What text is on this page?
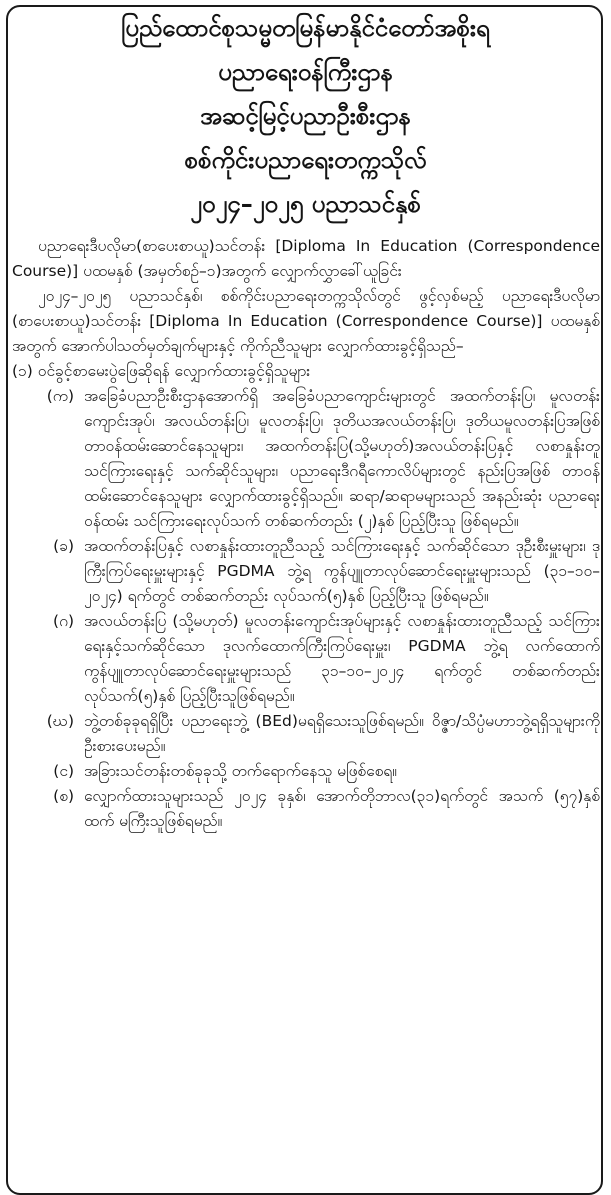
ပြည်ထောင်စုသမ္မတမြန်မာနိုင်ငံတော်အစိုးရ
ပညာရေးဝန်ကြီးဌာန
အဆင့်မြင့်ပညာဦးစီးဌာန
စစ်ကိုင်းပညာရေးတက္ကသိုလ်
၂၀၂၄–၂၀၂၅ ပညာသင်နှစ်

ပညာရေးဒီပလိုမာ(စာပေးစာယူ)သင်တန်း [Diploma In Education (Correspondence Course)] ပထမနှစ် (အမှတ်စဉ်–၁)အတွက် လျှောက်လွှာခေါ်ယူခြင်း

၂၀၂၄–၂၀၂၅ ပညာသင်နှစ်၊ စစ်ကိုင်းပညာရေးတက္ကသိုလ်တွင် ဖွင့်လှစ်မည့် ပညာရေးဒီပလိုမာ (စာပေးစာယူ)သင်တန်း [Diploma In Education (Correspondence Course)] ပထမနှစ်အတွက် အောက်ပါသတ်မှတ်ချက်များနှင့် ကိုက်ညီသူများ လျှောက်ထားခွင့်ရှိသည်–

(၁) ဝင်ခွင့်စာမေးပွဲဖြေဆိုရန် လျှောက်ထားခွင့်ရှိသူများ
(က) အခြေခံပညာဦးစီးဌာနအောက်ရှိ အခြေခံပညာကျောင်းများတွင် အထက်တန်းပြ၊ မူလတန်း ကျောင်းအုပ်၊ အလယ်တန်းပြ၊ မူလတန်းပြ၊ ဒုတိယအလယ်တန်းပြ၊ ဒုတိယမူလတန်းပြအဖြစ် တာဝန်ထမ်းဆောင်နေသူများ၊ အထက်တန်းပြ(သို့မဟုတ်)အလယ်တန်းပြနှင့် လစာနှုန်းတူသင်ကြားရေးနှင့် သက်ဆိုင်သူများ၊ ပညာရေးဒီဂရီကောလိပ်များတွင် နည်းပြအဖြစ် တာဝန်ထမ်းဆောင်နေသူများ လျှောက်ထားခွင့်ရှိသည်။ ဆရာ/ဆရာမများသည် အနည်းဆုံး ပညာရေးဝန်ထမ်း သင်ကြားရေးလုပ်သက် တစ်ဆက်တည်း (၂)နှစ် ပြည့်ပြီးသူ ဖြစ်ရမည်။
(ခ) အထက်တန်းပြနှင့် လစာနှုန်းထားတူညီသည့် သင်ကြားရေးနှင့် သက်ဆိုင်သော ဒုဦးစီးမှူးများ၊ ဒုကြီးကြပ်ရေးမှူးများနှင့် PGDMA ဘွဲ့ရ ကွန်ပျူတာလုပ်ဆောင်ရေးမှူးများသည် (၃၁–၁၀–၂၀၂၄) ရက်တွင် တစ်ဆက်တည်း လုပ်သက်(၅)နှစ် ပြည့်ပြီးသူ ဖြစ်ရမည်။
(ဂ) အလယ်တန်းပြ (သို့မဟုတ်) မူလတန်းကျောင်းအုပ်များနှင့် လစာနှုန်းထားတူညီသည့် သင်ကြားရေးနှင့်သက်ဆိုင်သော ဒုလက်ထောက်ကြီးကြပ်ရေးမှူး၊ PGDMA ဘွဲ့ရ လက်ထောက်ကွန်ပျူတာလုပ်ဆောင်ရေးမှူးများသည် ၃၁–၁၀–၂၀၂၄ ရက်တွင် တစ်ဆက်တည်း လုပ်သက်(၅)နှစ် ပြည့်ပြီးသူဖြစ်ရမည်။
(ဃ) ဘွဲ့တစ်ခုခုရရှိပြီး ပညာရေးဘွဲ့ (BEd)မရရှိသေးသူဖြစ်ရမည်။ ဝိဇ္ဇာ/သိပ္ပံမဟာဘွဲ့ရရှိသူများကို ဦးစားပေးမည်။
(င) အခြားသင်တန်းတစ်ခုခုသို့ တက်ရောက်နေသူ မဖြစ်စေရ။
(စ) လျှောက်ထားသူများသည် ၂၀၂၄ ခုနှစ်၊ အောက်တိုဘာလ(၃၁)ရက်တွင် အသက် (၅၇)နှစ်ထက် မကြီးသူဖြစ်ရမည်။
